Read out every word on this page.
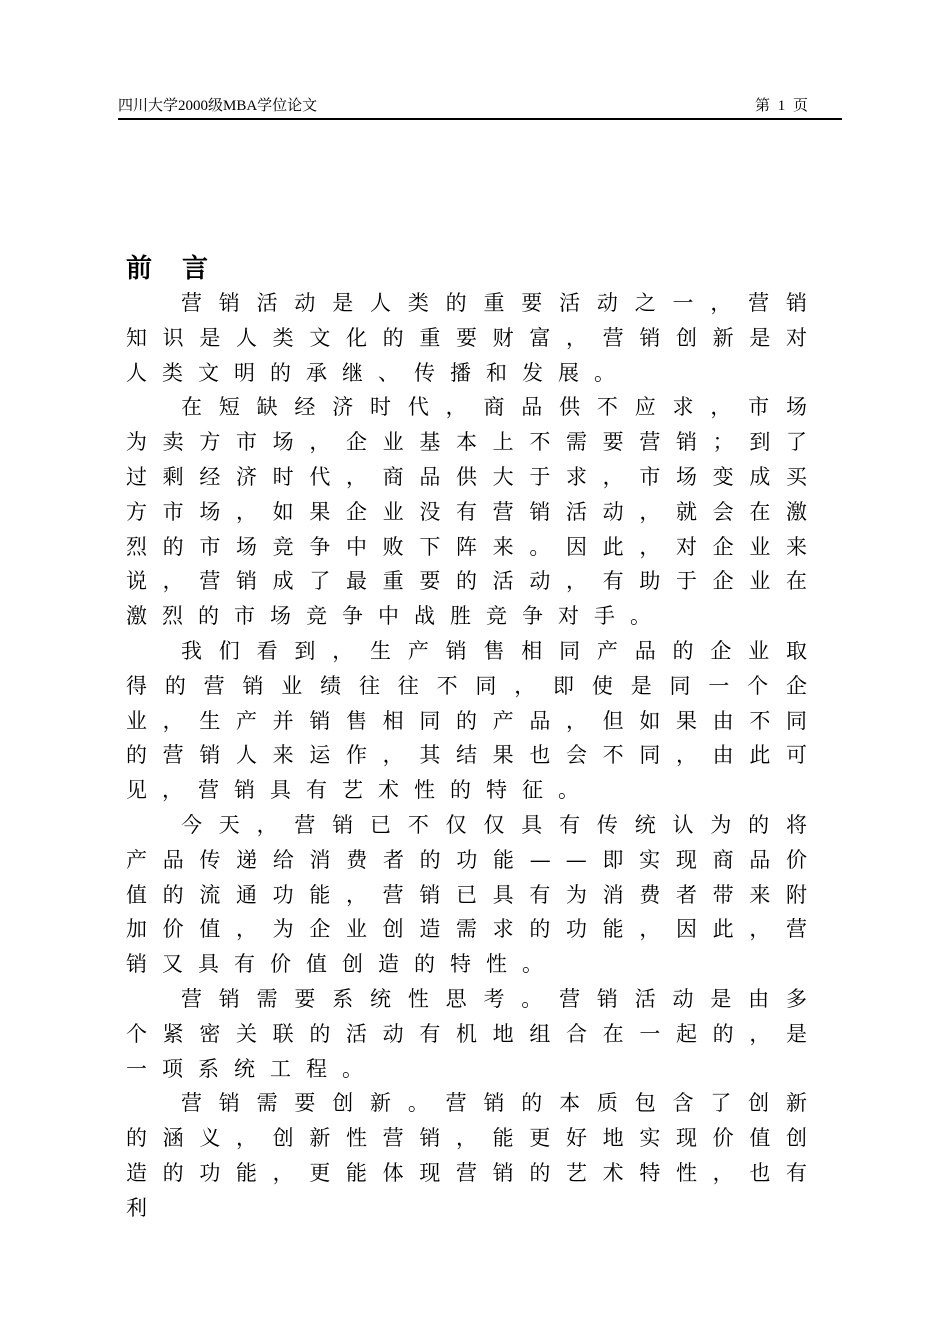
四川大学2000级MBA学位论文	第 1 页
前言

营销活动是人类的重要活动之一，营销知识是人类文化的重要财富，营销创新是对人类文明的承继、传播和发展。

在短缺经济时代，商品供不应求，市场为卖方市场，企业基本上不需要营销；到了过剩经济时代，商品供大于求，市场变成买方市场，如果企业没有营销活动，就会在激烈的市场竞争中败下阵来。因此，对企业来说，营销成了最重要的活动，有助于企业在激烈的市场竞争中战胜竞争对手。

我们看到，生产销售相同产品的企业取得的营销业绩往往不同，即使是同一个企业，生产并销售相同的产品，但如果由不同的营销人来运作，其结果也会不同，由此可见，营销具有艺术性的特征。

今天，营销已不仅仅具有传统认为的将产品传递给消费者的功能——即实现商品价值的流通功能，营销已具有为消费者带来附加价值，为企业创造需求的功能，因此，营销又具有价值创造的特性。

营销需要系统性思考。营销活动是由多个紧密关联的活动有机地组合在一起的，是一项系统工程。

营销需要创新。营销的本质包含了创新的涵义，创新性营销，能更好地实现价值创造的功能，更能体现营销的艺术特性，也有利
